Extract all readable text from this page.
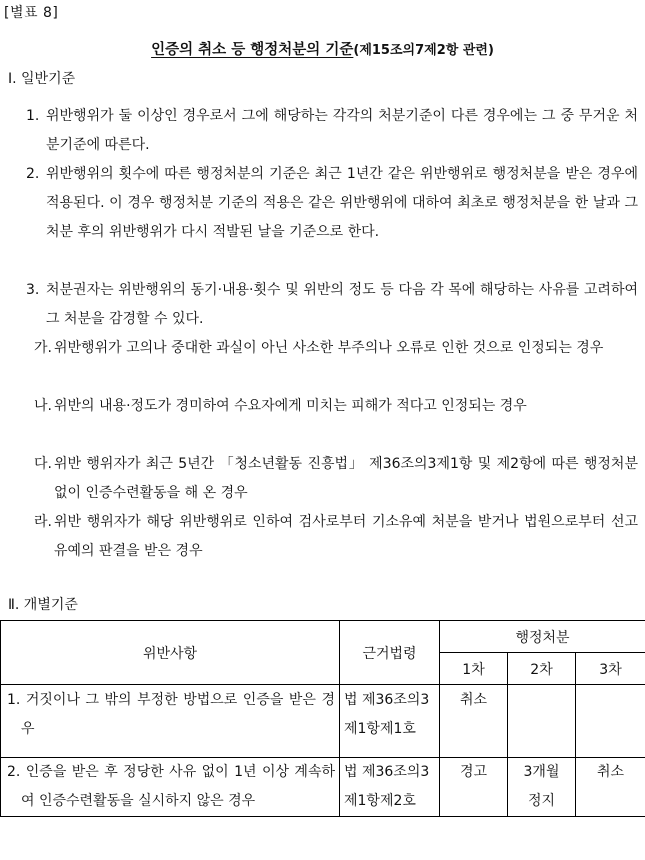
[별표 8]
인증의 취소 등 행정처분의 기준(제15조의7제2항 관련)
Ⅰ. 일반기준
1. 위반행위가 둘 이상인 경우로서 그에 해당하는 각각의 처분기준이 다른 경우에는 그 중 무거운 처분기준에 따른다.
2. 위반행위의 횟수에 따른 행정처분의 기준은 최근 1년간 같은 위반행위로 행정처분을 받은 경우에 적용된다. 이 경우 행정처분 기준의 적용은 같은 위반행위에 대하여 최초로 행정처분을 한 날과 그 처분 후의 위반행위가 다시 적발된 날을 기준으로 한다.
3. 처분권자는 위반행위의 동기·내용·횟수 및 위반의 정도 등 다음 각 목에 해당하는 사유를 고려하여 그 처분을 감경할 수 있다.
가. 위반행위가 고의나 중대한 과실이 아닌 사소한 부주의나 오류로 인한 것으로 인정되는 경우
나. 위반의 내용·정도가 경미하여 수요자에게 미치는 피해가 적다고 인정되는 경우
다. 위반 행위자가 최근 5년간 「청소년활동 진흥법」 제36조의3제1항 및 제2항에 따른 행정처분 없이 인증수련활동을 해 온 경우
라. 위반 행위자가 해당 위반행위로 인하여 검사로부터 기소유예 처분을 받거나 법원으로부터 선고유예의 판결을 받은 경우
Ⅱ. 개별기준
위반사항	근거법령	행정처분		
		1차	2차	3차

1. 거짓이나 그 밖의 부정한 방법으로 인증을 받은 경우	법 제36조의3제1항제1호	취소		

2. 인증을 받은 후 정당한 사유 없이 1년 이상 계속하여 인증수련활동을 실시하지 않은 경우	법 제36조의3제1항제2호	경고	3개월 정지	취소
